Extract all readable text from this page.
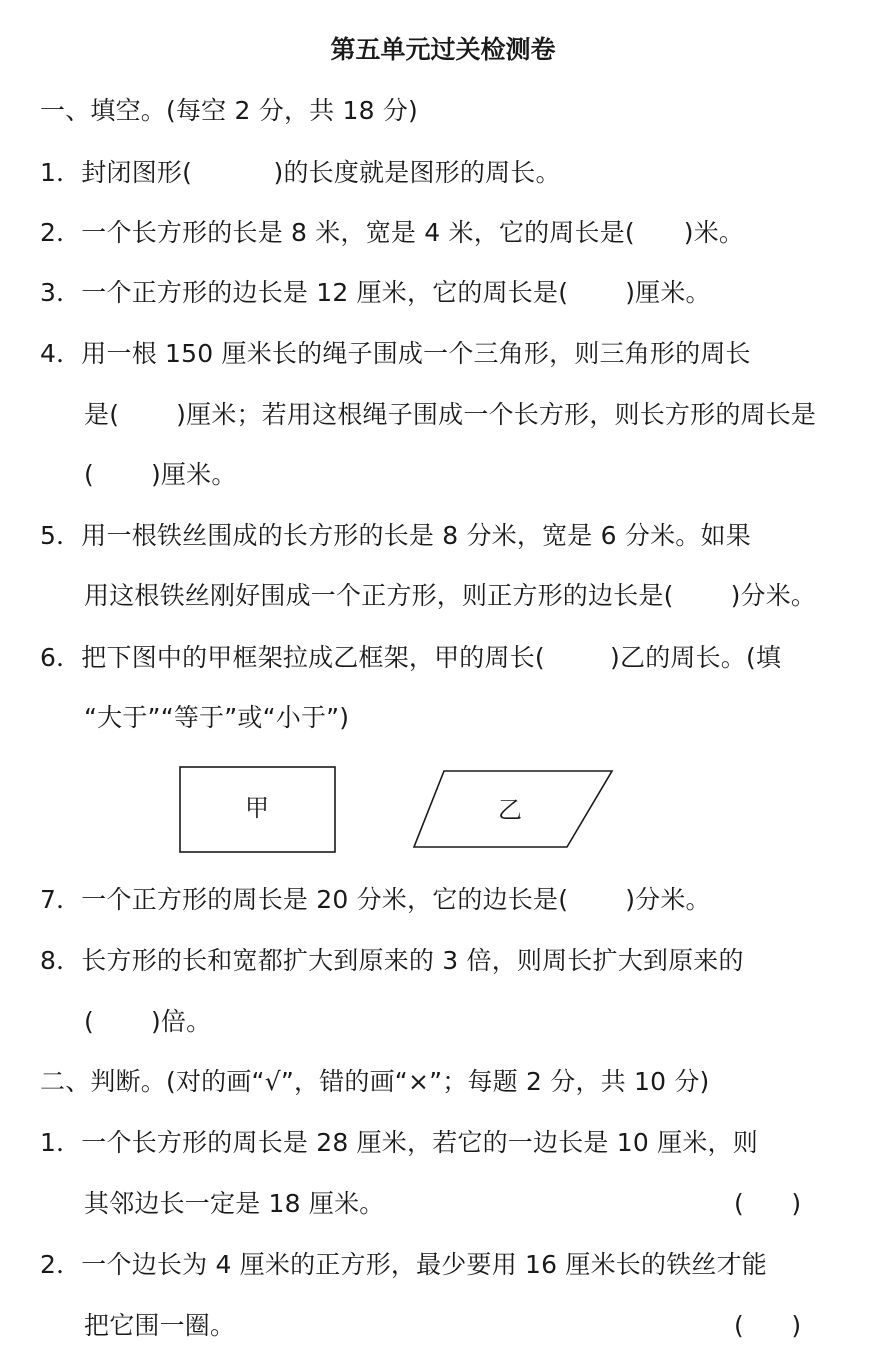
第五单元过关检测卷
一、填空。(每空 2 分，共 18 分)
1．封闭图形(          )的长度就是图形的周长。
2．一个长方形的长是 8 米，宽是 4 米，它的周长是(      )米。
3．一个正方形的边长是 12 厘米，它的周长是(       )厘米。
4．用一根 150 厘米长的绳子围成一个三角形，则三角形的周长
是(       )厘米；若用这根绳子围成一个长方形，则长方形的周长是
(       )厘米。
5．用一根铁丝围成的长方形的长是 8 分米，宽是 6 分米。如果
用这根铁丝刚好围成一个正方形，则正方形的边长是(       )分米。
6．把下图中的甲框架拉成乙框架，甲的周长(        )乙的周长。(填
“大于”“等于”或“小于”)
甲	乙
7．一个正方形的周长是 20 分米，它的边长是(       )分米。
8．长方形的长和宽都扩大到原来的 3 倍，则周长扩大到原来的
(       )倍。
二、判断。(对的画“√”，错的画“×”；每题 2 分，共 10 分)
1．一个长方形的周长是 28 厘米，若它的一边长是 10 厘米，则
其邻边长一定是 18 厘米。	(      )
2．一个边长为 4 厘米的正方形，最少要用 16 厘米长的铁丝才能
把它围一圈。	(      )
